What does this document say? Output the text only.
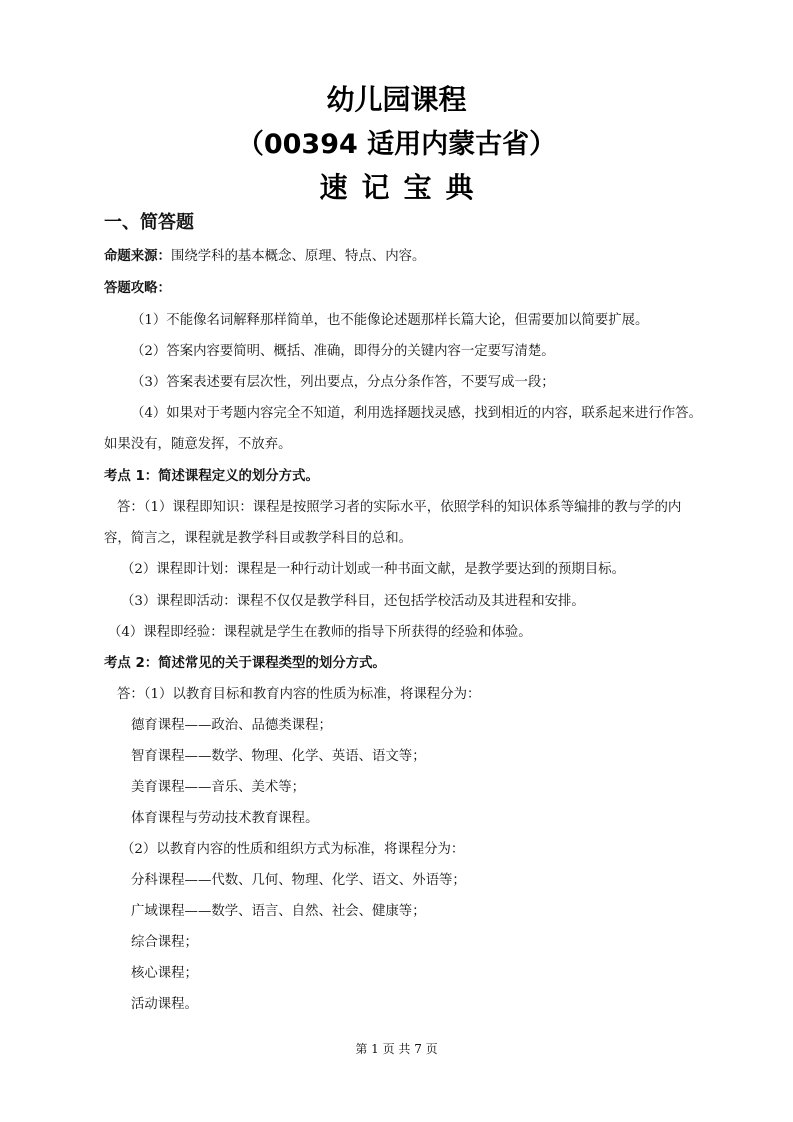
幼儿园课程
（00394 适用内蒙古省）
速记宝典
一、简答题
命题来源：围绕学科的基本概念、原理、特点、内容。
答题攻略：
（1）不能像名词解释那样简单，也不能像论述题那样长篇大论，但需要加以简要扩展。
（2）答案内容要简明、概括、准确，即得分的关键内容一定要写清楚。
（3）答案表述要有层次性，列出要点，分点分条作答，不要写成一段；
（4）如果对于考题内容完全不知道，利用选择题找灵感，找到相近的内容，联系起来进行作答。
如果没有，随意发挥，不放弃。
考点 1：简述课程定义的划分方式。
答：（1）课程即知识：课程是按照学习者的实际水平，依照学科的知识体系等编排的教与学的内
容，简言之，课程就是教学科目或教学科目的总和。
（2）课程即计划：课程是一种行动计划或一种书面文献，是教学要达到的预期目标。
（3）课程即活动：课程不仅仅是教学科目，还包括学校活动及其进程和安排。
（4）课程即经验：课程就是学生在教师的指导下所获得的经验和体验。
考点 2：简述常见的关于课程类型的划分方式。
答：（1）以教育目标和教育内容的性质为标准，将课程分为：
德育课程——政治、品德类课程；
智育课程——数学、物理、化学、英语、语文等；
美育课程——音乐、美术等；
体育课程与劳动技术教育课程。
（2）以教育内容的性质和组织方式为标准，将课程分为：
分科课程——代数、几何、物理、化学、语文、外语等；
广域课程——数学、语言、自然、社会、健康等；
综合课程；
核心课程；
活动课程。
第 1 页 共 7 页
